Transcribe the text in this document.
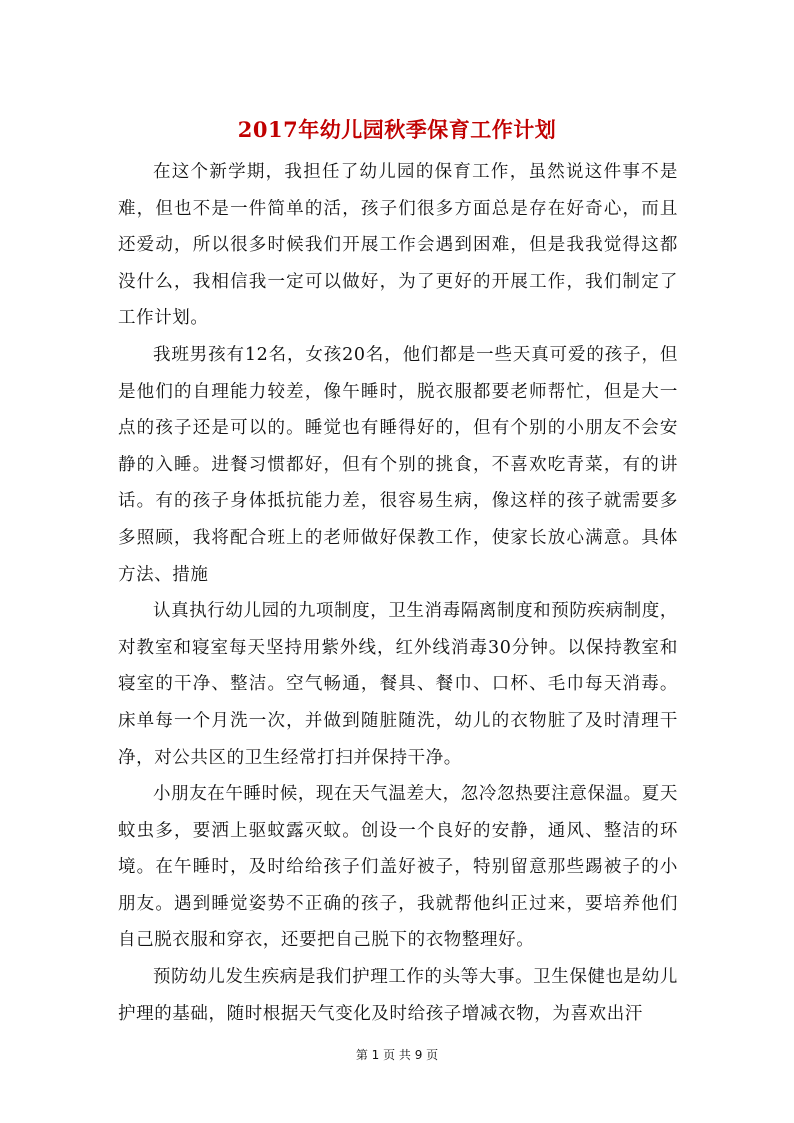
2017年幼儿园秋季保育工作计划

在这个新学期，我担任了幼儿园的保育工作，虽然说这件事不是难，但也不是一件简单的活，孩子们很多方面总是存在好奇心，而且还爱动，所以很多时候我们开展工作会遇到困难，但是我我觉得这都没什么，我相信我一定可以做好，为了更好的开展工作，我们制定了工作计划。

我班男孩有12名，女孩20名，他们都是一些天真可爱的孩子，但是他们的自理能力较差，像午睡时，脱衣服都要老师帮忙，但是大一点的孩子还是可以的。睡觉也有睡得好的，但有个别的小朋友不会安静的入睡。进餐习惯都好，但有个别的挑食，不喜欢吃青菜，有的讲话。有的孩子身体抵抗能力差，很容易生病，像这样的孩子就需要多多照顾，我将配合班上的老师做好保教工作，使家长放心满意。具体方法、措施

认真执行幼儿园的九项制度，卫生消毒隔离制度和预防疾病制度，对教室和寝室每天坚持用紫外线，红外线消毒30分钟。以保持教室和寝室的干净、整洁。空气畅通，餐具、餐巾、口杯、毛巾每天消毒。床单每一个月洗一次，并做到随脏随洗，幼儿的衣物脏了及时清理干净，对公共区的卫生经常打扫并保持干净。

小朋友在午睡时候，现在天气温差大，忽冷忽热要注意保温。夏天蚊虫多，要洒上驱蚊露灭蚊。创设一个良好的安静，通风、整洁的环境。在午睡时，及时给给孩子们盖好被子，特别留意那些踢被子的小朋友。遇到睡觉姿势不正确的孩子，我就帮他纠正过来，要培养他们自己脱衣服和穿衣，还要把自己脱下的衣物整理好。

预防幼儿发生疾病是我们护理工作的头等大事。卫生保健也是幼儿护理的基础，随时根据天气变化及时给孩子增减衣物，为喜欢出汗

第 1 页 共 9 页
